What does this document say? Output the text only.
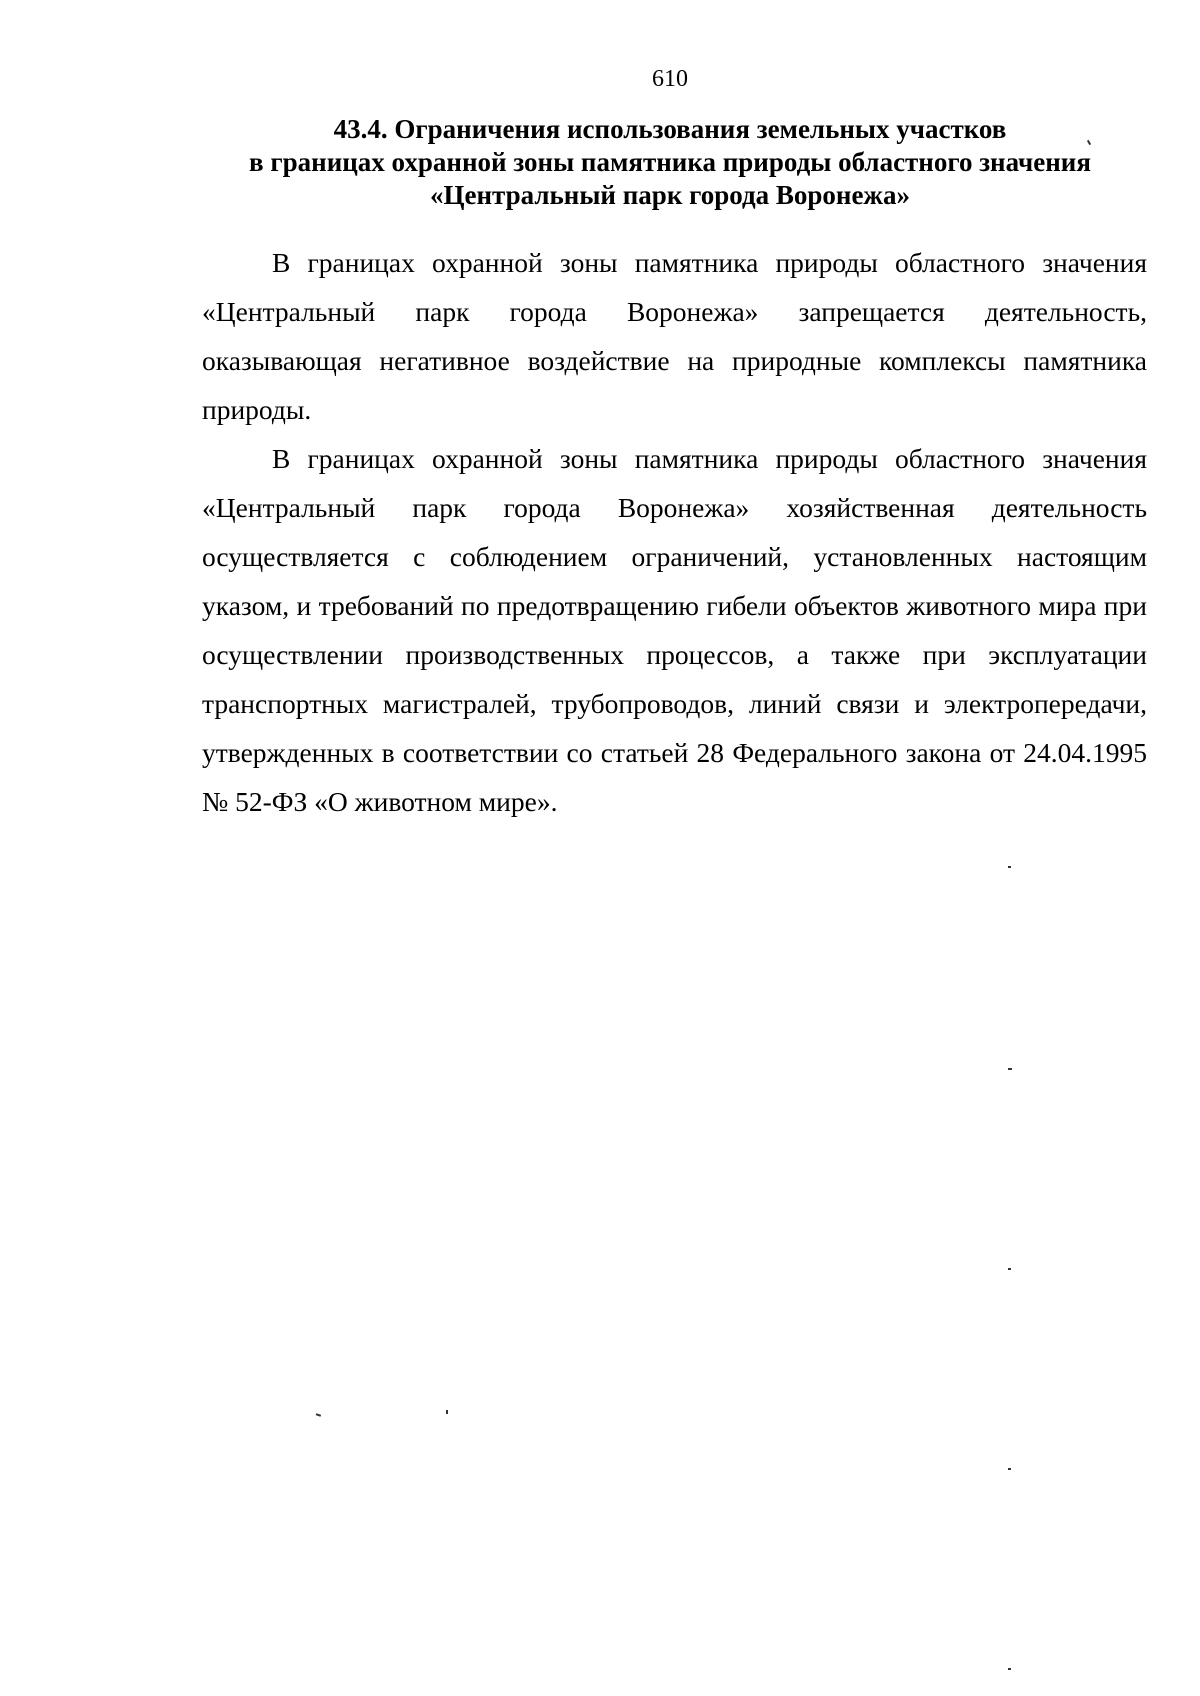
610
43.4. Ограничения использования земельных участков
в границах охранной зоны памятника природы областного значения
«Центральный парк города Воронежа»

В границах охранной зоны памятника природы областного значения «Центральный парк города Воронежа» запрещается деятельность, оказывающая негативное воздействие на природные комплексы памятника природы.

В границах охранной зоны памятника природы областного значения «Центральный парк города Воронежа» хозяйственная деятельность осуществляется с соблюдением ограничений, установленных настоящим указом, и требований по предотвращению гибели объектов животного мира при осуществлении производственных процессов, а также при эксплуатации транспортных магистралей, трубопроводов, линий связи и электропередачи, утвержденных в соответствии со статьей 28 Федерального закона от 24.04.1995 № 52-ФЗ «О животном мире».
